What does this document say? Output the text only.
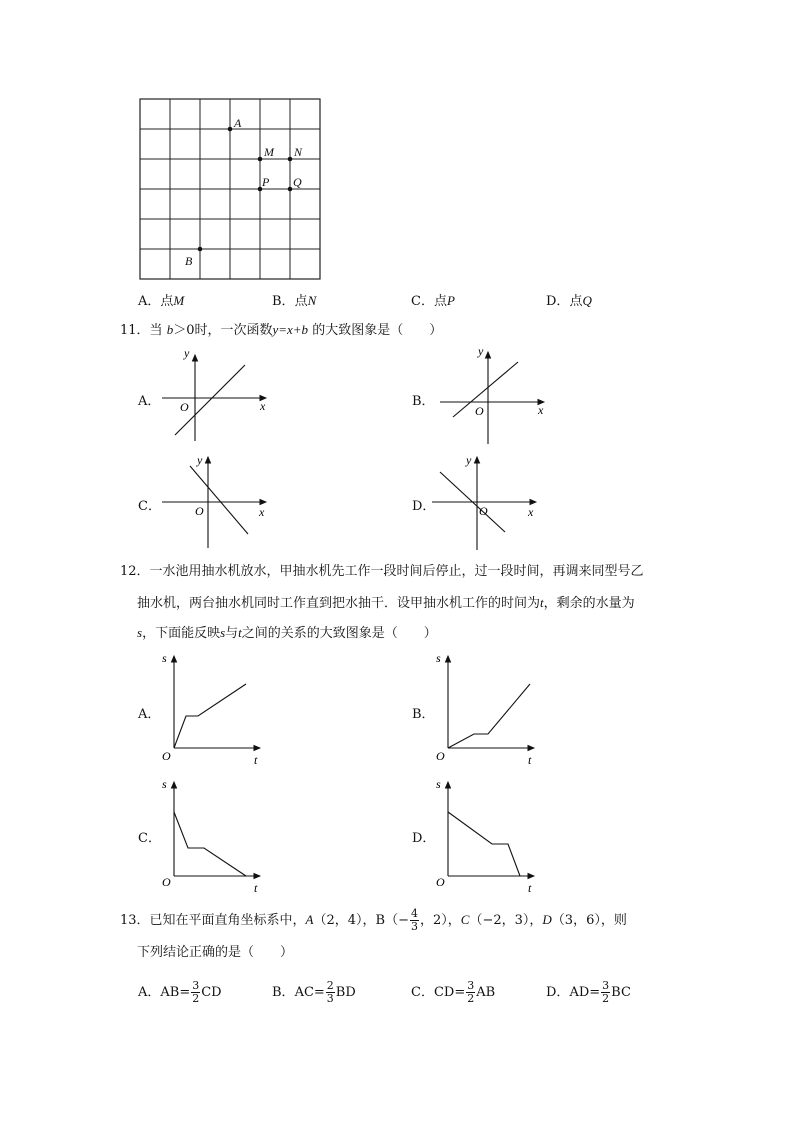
A
M N
P Q
B
A．点M	B．点N	C．点P	D．点Q
11．当 b＞0时，一次函数y=x+b 的大致图象是（　　）
A．	x
y
O	B．
x
y
O
C．	x
y
O	D．	x
y
O
12．一水池用抽水机放水，甲抽水机先工作一段时间后停止，过一段时间，再调来同型号乙
抽水机，两台抽水机同时工作直到把水抽干．设甲抽水机工作的时间为t，剩余的水量为
s，下面能反映s与t之间的关系的大致图象是（　　）
A．
t
s
O
B．
t
s
O
C．
t
s
O
D．
t
s
O
13．已知在平面直角坐标系中，A（2，4），$B(- \frac{4}{3}$ ，2），C（−2，3），D（3，6），则
下列结论正确的是（　　）
A．$AB= \frac{3}{2}$ CD	B．$AC= \frac{2}{3}$ BD	C．$CD= \frac{3}{2}$ AB	D．$AD= \frac{3}{2}$ BC
